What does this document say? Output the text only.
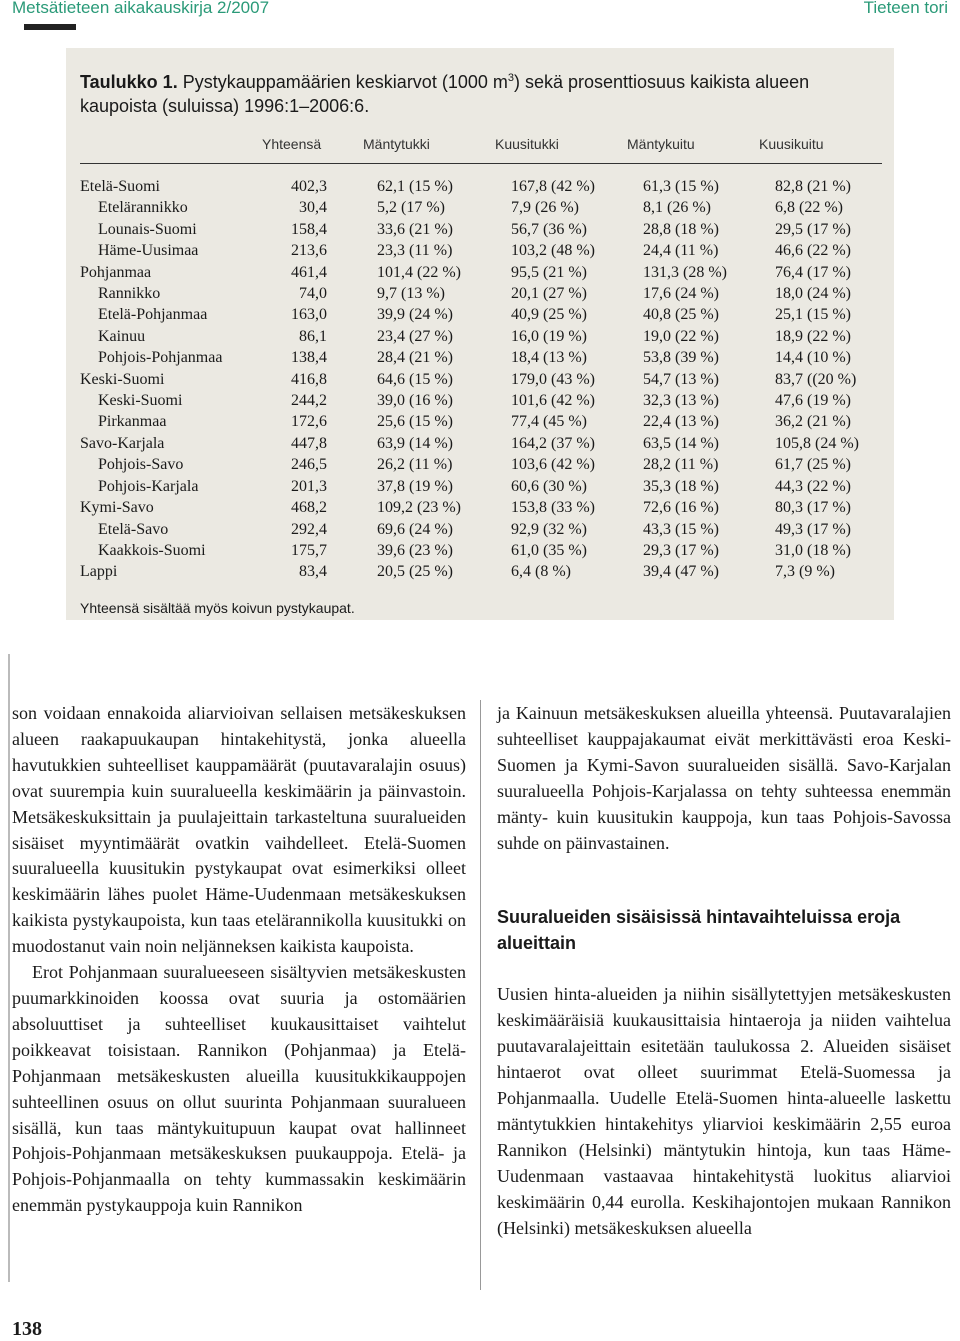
Metsätieteen aikakauskirja 2/2007	Tieteen tori
Taulukko 1. Pystykauppamäärien keskiarvot (1000 $m^3$) sekä prosenttiosuus kaikista alueen kaupoista (suluissa) 1996:1–2006:6.
Yhteensä	Mäntytukki	Kuusitukki	Mäntykuitu	Kuusikuitu
Etelä-Suomi	402,3		62,1 (15 %)	167,8 (42 %)	61,3 (15 %)	82,8 (21 %)
Etelärannikko	30,4		5,2 (17 %)	7,9 (26 %)	8,1 (26 %)	6,8 (22 %)
Lounais-Suomi	158,4		33,6 (21 %)	56,7 (36 %)	28,8 (18 %)	29,5 (17 %)
Häme-Uusimaa	213,6		23,3 (11 %)	103,2 (48 %)	24,4 (11 %)	46,6 (22 %)
Pohjanmaa	461,4		101,4 (22 %)	95,5 (21 %)	131,3 (28 %)	76,4 (17 %)
Rannikko	74,0		9,7 (13 %)	20,1 (27 %)	17,6 (24 %)	18,0 (24 %)
Etelä-Pohjanmaa	163,0		39,9 (24 %)	40,9 (25 %)	40,8 (25 %)	25,1 (15 %)
Kainuu	86,1		23,4 (27 %)	16,0 (19 %)	19,0 (22 %)	18,9 (22 %)
Pohjois-Pohjanmaa	138,4		28,4 (21 %)	18,4 (13 %)	53,8 (39 %)	14,4 (10 %)
Keski-Suomi	416,8		64,6 (15 %)	179,0 (43 %)	54,7 (13 %)	83,7 ((20 %)
Keski-Suomi	244,2		39,0 (16 %)	101,6 (42 %)	32,3 (13 %)	47,6 (19 %)
Pirkanmaa	172,6		25,6 (15 %)	77,4 (45 %)	22,4 (13 %)	36,2 (21 %)
Savo-Karjala	447,8		63,9 (14 %)	164,2 (37 %)	63,5 (14 %)	105,8 (24 %)
Pohjois-Savo	246,5		26,2 (11 %)	103,6 (42 %)	28,2 (11 %)	61,7 (25 %)
Pohjois-Karjala	201,3		37,8 (19 %)	60,6 (30 %)	35,3 (18 %)	44,3 (22 %)
Kymi-Savo	468,2		109,2 (23 %)	153,8 (33 %)	72,6 (16 %)	80,3 (17 %)
Etelä-Savo	292,4		69,6 (24 %)	92,9 (32 %)	43,3 (15 %)	49,3 (17 %)
Kaakkois-Suomi	175,7		39,6 (23 %)	61,0 (35 %)	29,3 (17 %)	31,0 (18 %)
Lappi	83,4		20,5 (25 %)	6,4 (8 %)	39,4 (47 %)	7,3 (9 %)
Yhteensä sisältää myös koivun pystykaupat.

son voidaan ennakoida aliarvioivan sellaisen metsäkeskuksen alueen raakapuukaupan hintakehitystä, jonka alueella havutukkien suhteelliset kauppamäärät (puutavaralajin osuus) ovat suurempia kuin suuralueella keskimäärin ja päinvastoin. Metsäkeskuksittain ja puulajeittain tarkasteltuna suuralueiden sisäiset myyntimäärät ovatkin vaihdelleet. Etelä-Suomen suuralueella kuusitukin pystykaupat ovat esimerkiksi olleet keskimäärin lähes puolet Häme-Uudenmaan metsäkeskuksen kaikista pystykaupoista, kun taas etelärannikolla kuusitukki on muodostanut vain noin neljänneksen kaikista kaupoista.

Erot Pohjanmaan suuralueeseen sisältyvien metsäkeskusten puumarkkinoiden koossa ovat suuria ja ostomäärien absoluuttiset ja suhteelliset kuukausittaiset vaihtelut poikkeavat toisistaan. Rannikon (Pohjanmaa) ja Etelä-Pohjanmaan metsäkeskusten alueilla kuusitukkikauppojen suhteellinen osuus on ollut suurinta Pohjanmaan suuralueen sisällä, kun taas mäntykuitupuun kaupat ovat hallinneet Pohjois-Pohjanmaan metsäkeskuksen puukauppoja. Etelä- ja Pohjois-Pohjanmaalla on tehty kummassakin keskimäärin enemmän pystykauppoja kuin Rannikon

ja Kainuun metsäkeskuksen alueilla yhteensä. Puutavaralajien suhteelliset kauppajakaumat eivät merkittävästi eroa Keski-Suomen ja Kymi-Savon suuralueiden sisällä. Savo-Karjalan suuralueella Pohjois-Karjalassa on tehty suhteessa enemmän mänty- kuin kuusitukin kauppoja, kun taas Pohjois-Savossa suhde on päinvastainen.

Suuralueiden sisäisissä hintavaihteluissa eroja alueittain

Uusien hinta-alueiden ja niihin sisällytettyjen metsäkeskusten keskimääräisiä kuukausittaisia hintaeroja ja niiden vaihtelua puutavaralajeittain esitetään taulukossa 2. Alueiden sisäiset hintaerot ovat olleet suurimmat Etelä-Suomessa ja Pohjanmaalla. Uudelle Etelä-Suomen hinta-alueelle laskettu mäntytukkien hintakehitys yliarvioi keskimäärin 2,55 euroa Rannikon (Helsinki) mäntytukin hintoja, kun taas Häme-Uudenmaan vastaavaa hintakehitystä luokitus aliarvioi keskimäärin 0,44 eurolla. Keskihajontojen mukaan Rannikon (Helsinki) metsäkeskuksen alueella

138
